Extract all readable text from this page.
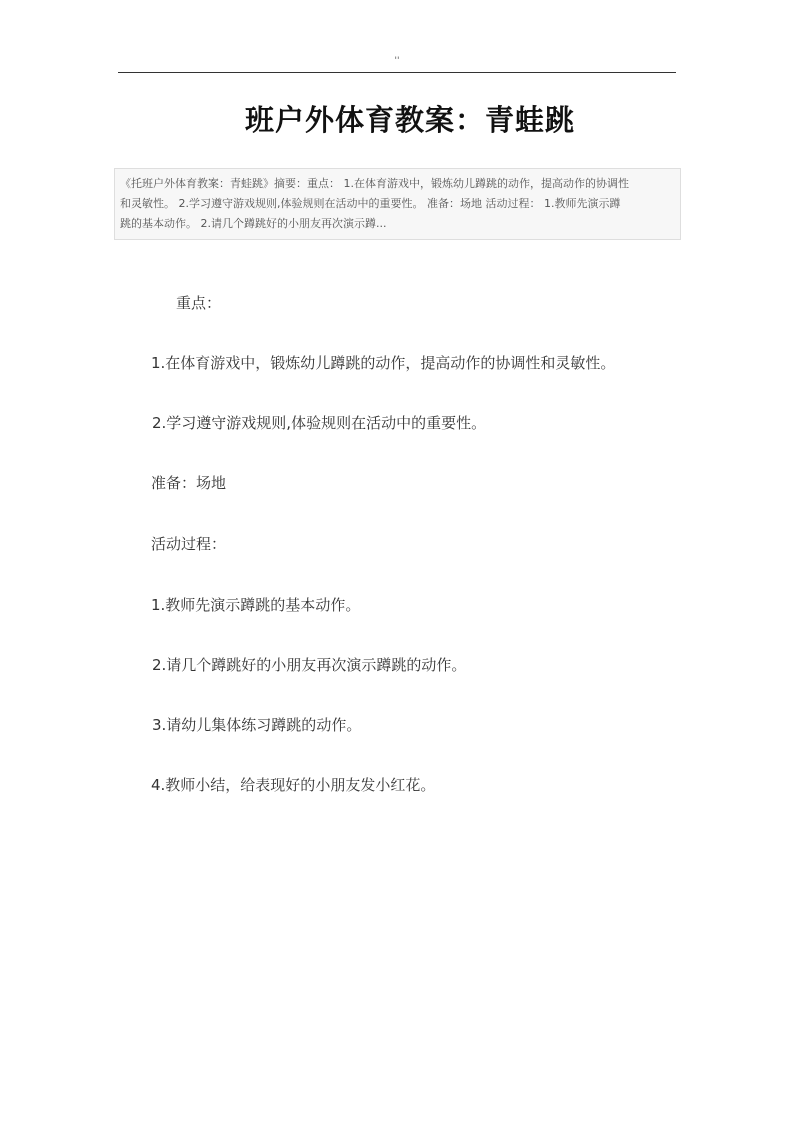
''
班户外体育教案：青蛙跳
《托班户外体育教案：青蛙跳》摘要：重点： 1.在体育游戏中，锻炼幼儿蹲跳的动作，提高动作的协调性
和灵敏性。 2.学习遵守游戏规则,体验规则在活动中的重要性。 准备：场地 活动过程： 1.教师先演示蹲
跳的基本动作。 2.请几个蹲跳好的小朋友再次演示蹲...
重点：
1.在体育游戏中，锻炼幼儿蹲跳的动作，提高动作的协调性和灵敏性。
2.学习遵守游戏规则,体验规则在活动中的重要性。
准备：场地
活动过程：
1.教师先演示蹲跳的基本动作。
2.请几个蹲跳好的小朋友再次演示蹲跳的动作。
3.请幼儿集体练习蹲跳的动作。
4.教师小结，给表现好的小朋友发小红花。
